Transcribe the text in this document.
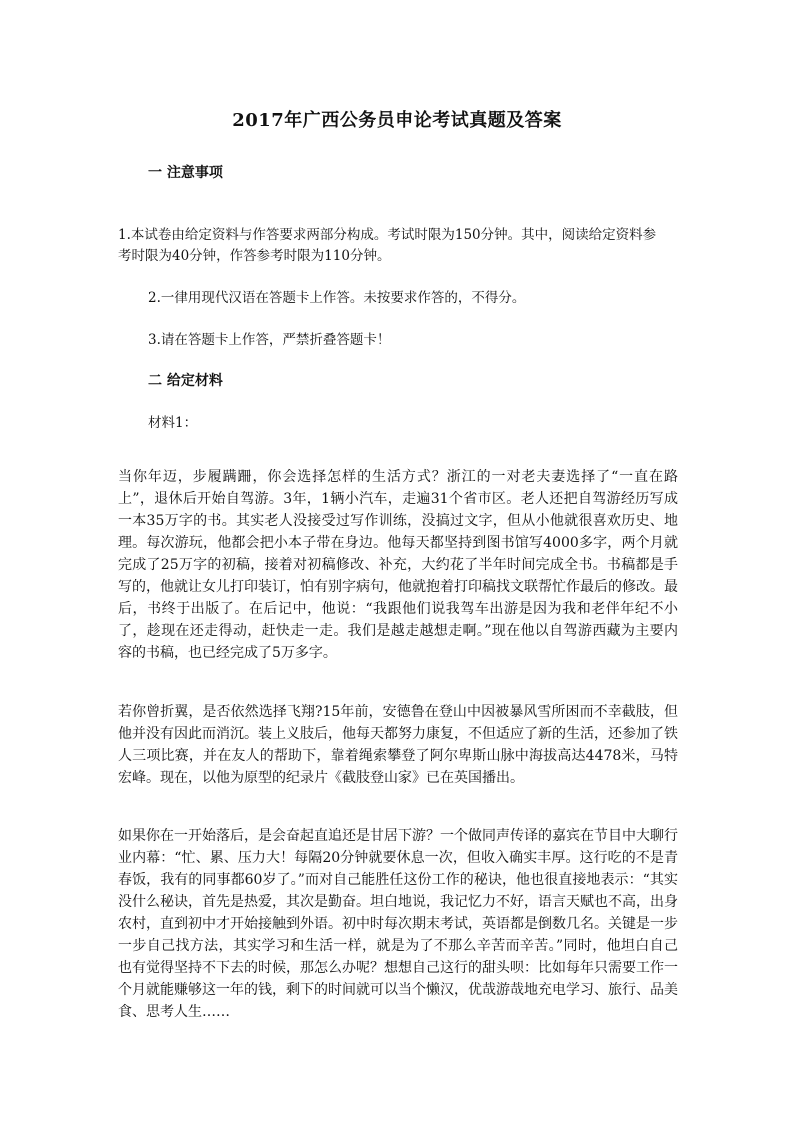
2017年广西公务员申论考试真题及答案
一 注意事项
1.本试卷由给定资料与作答要求两部分构成。考试时限为150分钟。其中，阅读给定资料参
考时限为40分钟，作答参考时限为110分钟。
2.一律用现代汉语在答题卡上作答。未按要求作答的，不得分。
3.请在答题卡上作答，严禁折叠答题卡！
二 给定材料
材料1：
当你年迈，步履蹒跚，你会选择怎样的生活方式？浙江的一对老夫妻选择了“一直在路上”，退休后开始自驾游。3年，1辆小汽车，走遍31个省市区。老人还把自驾游经历写成一本35万字的书。其实老人没接受过写作训练，没搞过文字，但从小他就很喜欢历史、地理。每次游玩，他都会把小本子带在身边。他每天都坚持到图书馆写4000多字，两个月就完成了25万字的初稿，接着对初稿修改、补充，大约花了半年时间完成全书。书稿都是手写的，他就让女儿打印装订，怕有别字病句，他就抱着打印稿找文联帮忙作最后的修改。最后，书终于出版了。在后记中，他说：“我跟他们说我驾车出游是因为我和老伴年纪不小了，趁现在还走得动，赶快走一走。我们是越走越想走啊。”现在他以自驾游西藏为主要内容的书稿，也已经完成了5万多字。
若你曾折翼，是否依然选择飞翔?15年前，安德鲁在登山中因被暴风雪所困而不幸截肢，但他并没有因此而消沉。装上义肢后，他每天都努力康复，不但适应了新的生活，还参加了铁人三项比赛，并在友人的帮助下，靠着绳索攀登了阿尔卑斯山脉中海拔高达4478米，马特宏峰。现在，以他为原型的纪录片《截肢登山家》已在英国播出。
如果你在一开始落后，是会奋起直追还是甘居下游？一个做同声传译的嘉宾在节目中大聊行业内幕：“忙、累、压力大！每隔20分钟就要休息一次，但收入确实丰厚。这行吃的不是青春饭，我有的同事都60岁了。”而对自己能胜任这份工作的秘诀，他也很直接地表示：“其实没什么秘诀，首先是热爱，其次是勤奋。坦白地说，我记忆力不好，语言天赋也不高，出身农村，直到初中才开始接触到外语。初中时每次期末考试，英语都是倒数几名。关键是一步一步自己找方法，其实学习和生活一样，就是为了不那么辛苦而辛苦。”同时，他坦白自己也有觉得坚持不下去的时候，那怎么办呢？想想自己这行的甜头呗：比如每年只需要工作一个月就能赚够这一年的钱，剩下的时间就可以当个懒汉，优哉游哉地充电学习、旅行、品美食、思考人生……
